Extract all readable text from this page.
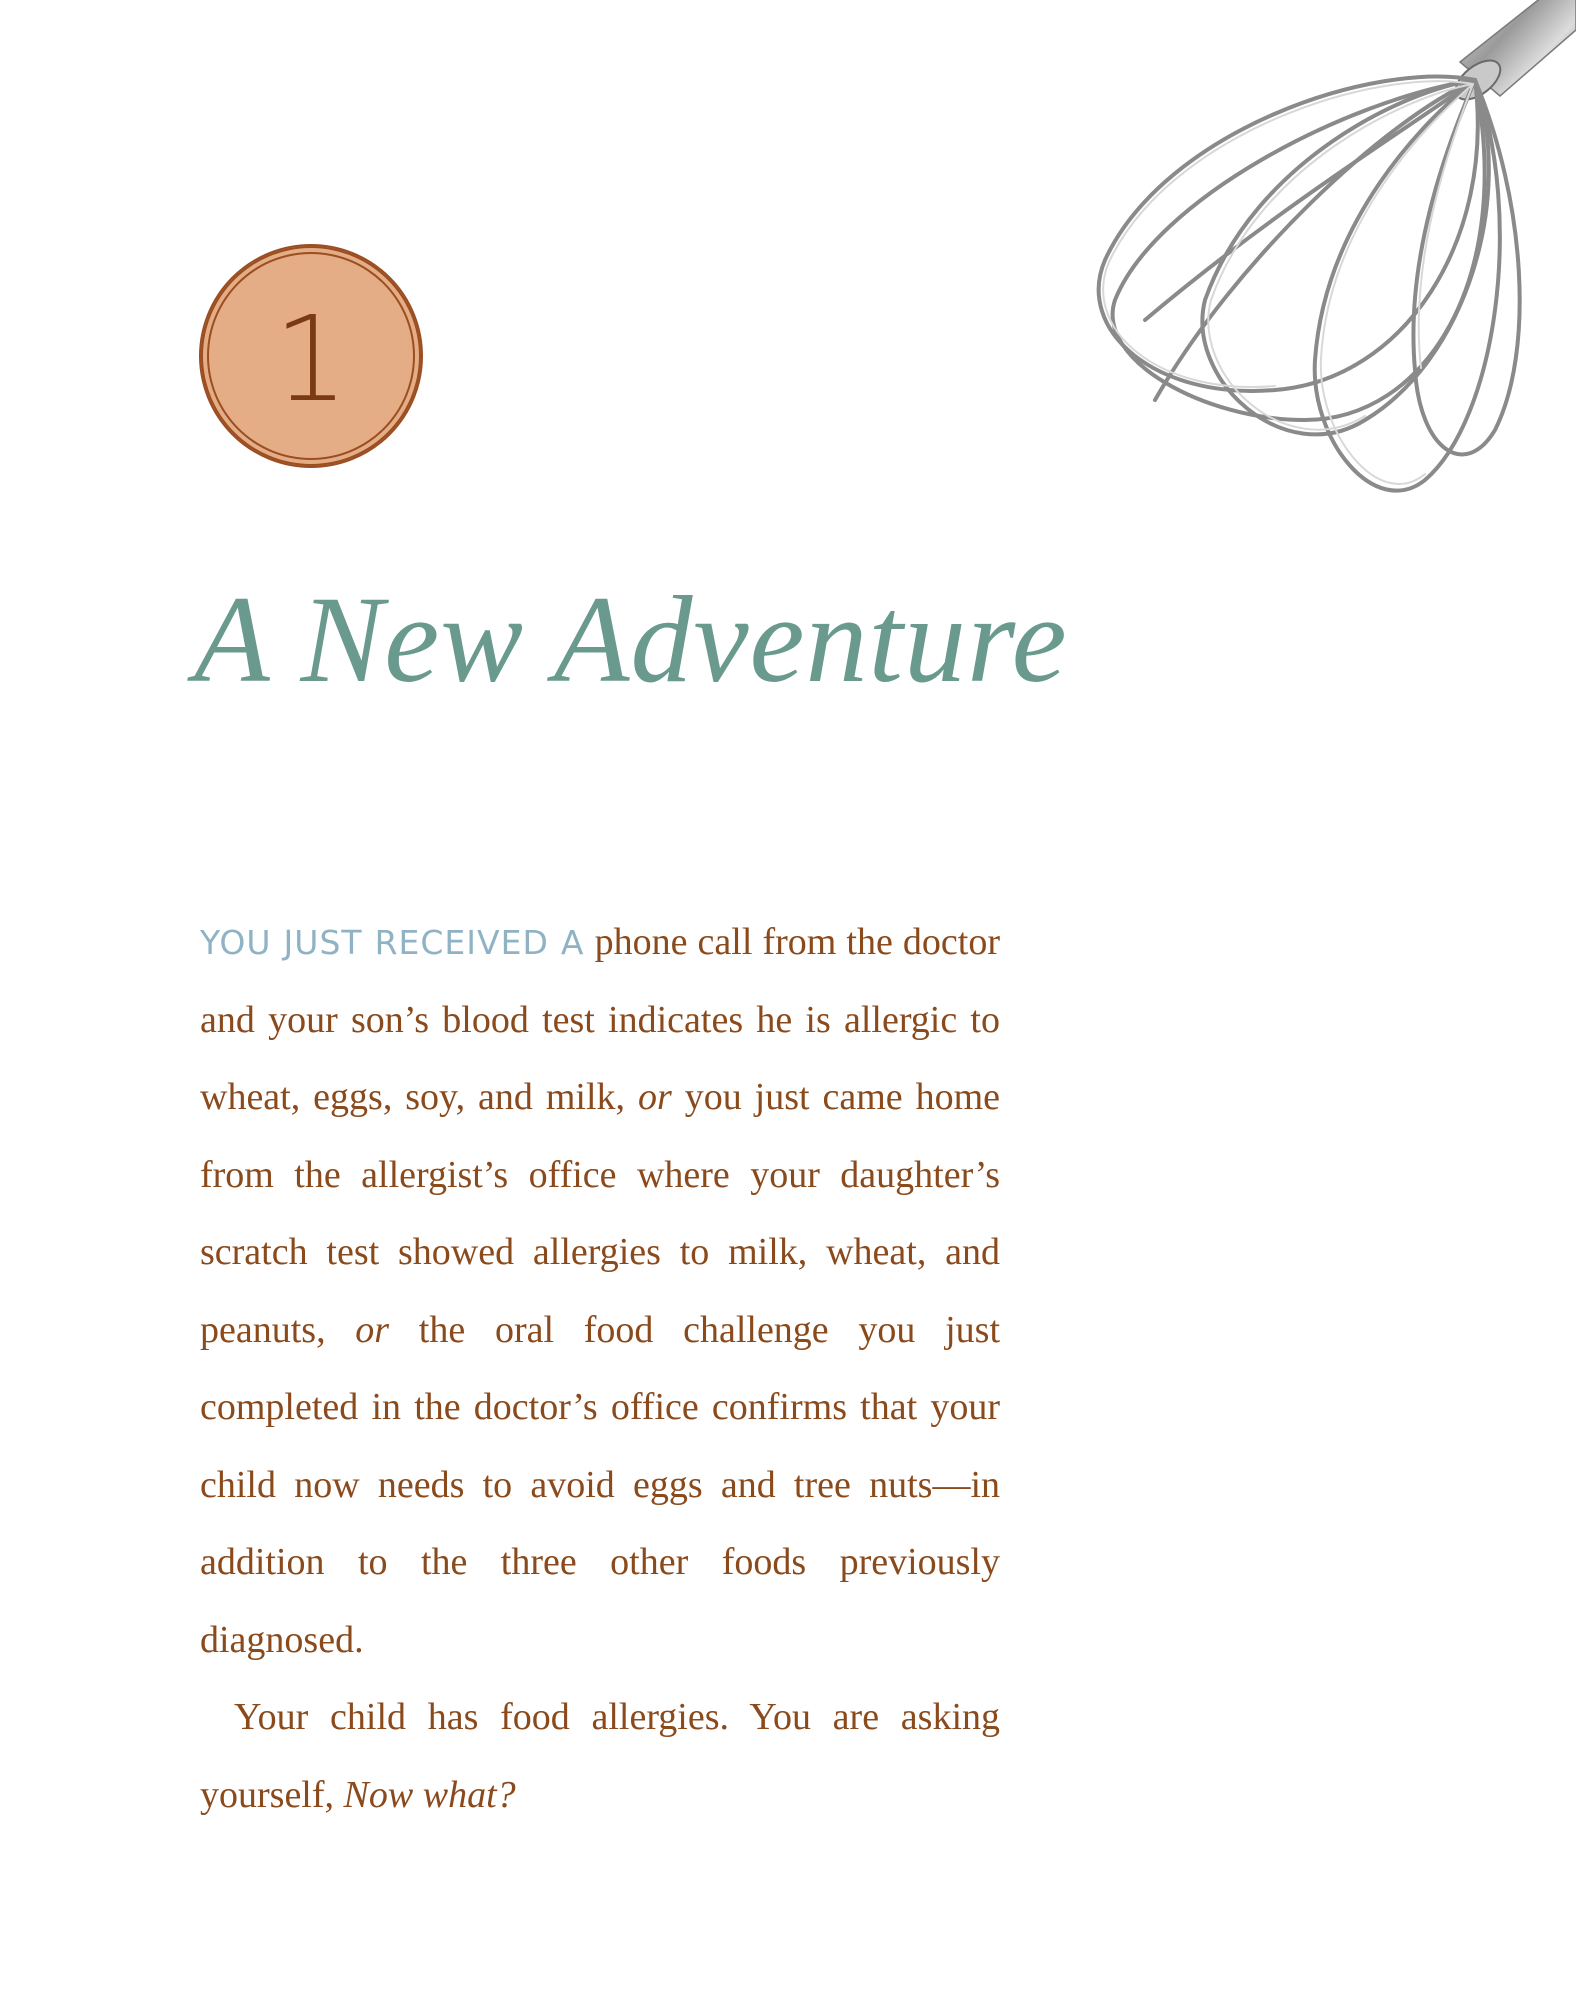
1
A New Adventure

YOU JUST RECEIVED A phone call from the doctor and your son’s blood test indicates he is allergic to wheat, eggs, soy, and milk, or you just came home from the allergist’s office where your daughter’s scratch test showed allergies to milk, wheat, and peanuts, or the oral food challenge you just completed in the doctor’s office confirms that your child now needs to avoid eggs and tree nuts—in addition to the three other foods previously diagnosed.

Your child has food allergies. You are asking yourself, Now what?
